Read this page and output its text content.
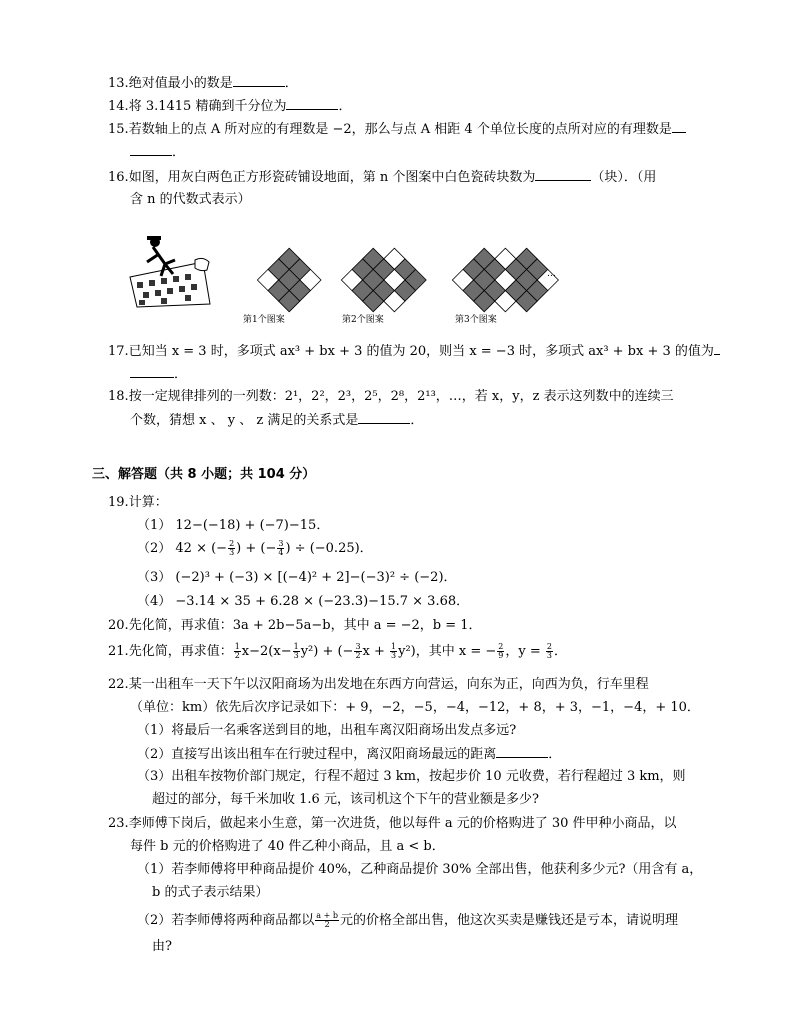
13.绝对值最小的数是	．
14.将 3.1415 精确到千分位为	．
15.若数轴上的点 A 所对应的有理数是 −2，那么与点 A 相距 4 个单位长度的点所对应的有理数是
．
16.如图，用灰白两色正方形瓷砖铺设地面，第 n 个图案中白色瓷砖块数为	（块）．（用
含 n 的代数式表示）
第1个图案	第2个图案	第3个图案
…
17.已知当 x = 3 时，多项式 ax³ + bx + 3 的值为 20，则当 x = −3 时，多项式 ax³ + bx + 3 的值为
．
18.按一定规律排列的一列数：2¹，2²，2³，2⁵，2⁸，2¹³，…，若 x，y，z 表示这列数中的连续三
个数，猜想 x 、 y 、 z 满足的关系式是	．
三、解答题（共 8 小题；共 104 分）
19.计算：
（1） 12−(−18) + (−7)−15．
（2） 42 × (− $\frac{2}{3}$ ) + (− $\frac{3}{4}$ ) ÷ (−0.25)．
（3） (−2)³ + (−3) × [(−4)² + 2]−(−3)² ÷ (−2)．
（4） −3.14 × 35 + 6.28 × (−23.3)−15.7 × 3.68．
20.先化简，再求值：3a + 2b−5a−b，其中 a = −2，b = 1．
21.先化简，再求值： $\frac{1}{2} x-2(x- \frac{1}{3} y^2)$ + (− $\frac{3}{2}$ $x + \frac{1}{3} y^2$)，其中 x = − $\frac{2}{9}$ ，$y = \frac{2}{3}$ ．
22.某一出租车一天下午以汉阳商场为出发地在东西方向营运，向东为正，向西为负，行车里程
（单位：km）依先后次序记录如下：+ 9，−2，−5，−4，−12，+ 8，+ 3，−1，−4，+ 10．
（1）将最后一名乘客送到目的地，出租车离汉阳商场出发点多远?
（2）直接写出该出租车在行驶过程中，离汉阳商场最远的距离	．
（3）出租车按物价部门规定，行程不超过 3 km，按起步价 10 元收费，若行程超过 3 km，则
超过的部分，每千米加收 1.6 元，该司机这个下午的营业额是多少?
23.李师傅下岗后，做起来小生意，第一次进货，他以每件 a 元的价格购进了 30 件甲种小商品，以
每件 b 元的价格购进了 40 件乙种小商品，且 a < b．
（1）若李师傅将甲种商品提价 40%，乙种商品提价 30% 全部出售，他获利多少元?（用含有 a，
b 的式子表示结果）
（2）若李师傅将两种商品都以 $\frac{a + b}{2}$ 元的价格全部出售，他这次买卖是赚钱还是亏本，请说明理
由?
